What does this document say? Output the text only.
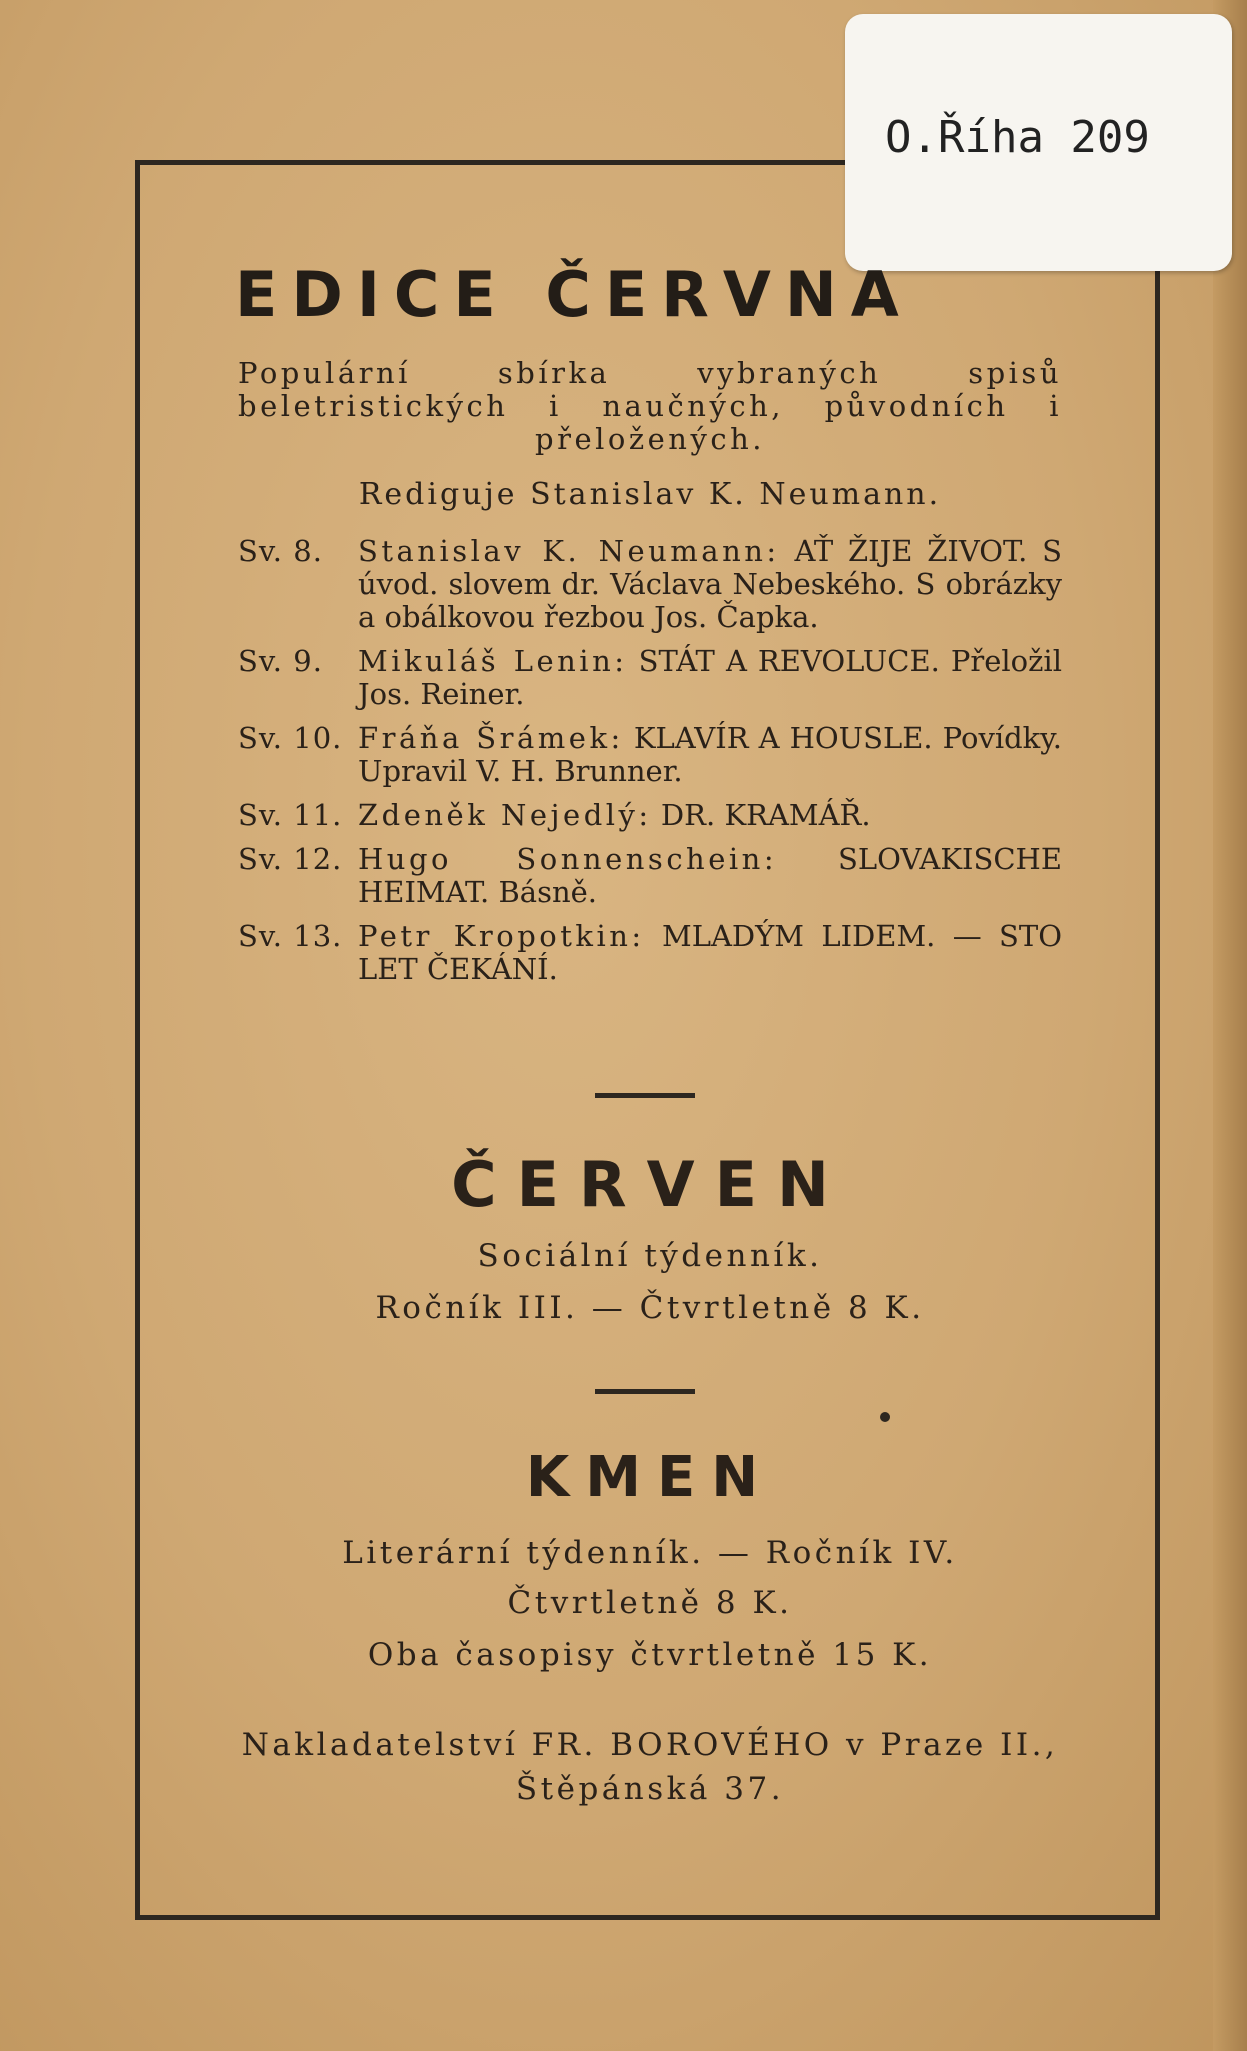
O.Říha 209
EDICE ČERVNA
Populární sbírka vybraných spisů beletristických i naučných, původních i přeložených.
Rediguje Stanislav K. Neumann.
Sv. 8.	Stanislav K. Neumann: AŤ ŽIJE ŽIVOT. S úvod. slovem dr. Václava Nebeského. S obrázky a obálkovou řezbou Jos. Čapka.
Sv. 9.	Mikuláš Lenin: STÁT A REVOLUCE. Přeložil Jos. Reiner.
Sv. 10. Fráňa Šrámek: KLAVÍR A HOUSLE. Povídky. Upravil V. H. Brunner.
Sv. 11. Zdeněk Nejedlý: DR. KRAMÁŘ.
Sv. 12. Hugo Sonnenschein: SLOVAKISCHE HEIMAT. Básně.
Sv. 13. Petr Kropotkin: MLADÝM LIDEM. — STO LET ČEKÁNÍ.
ČERVEN
Sociální týdenník.
Ročník III. — Čtvrtletně 8 K.
KMEN
Literární týdenník. — Ročník IV.
Čtvrtletně 8 K.
Oba časopisy čtvrtletně 15 K.
Nakladatelství FR. BOROVÉHO v Praze II.,
Štěpánská 37.
